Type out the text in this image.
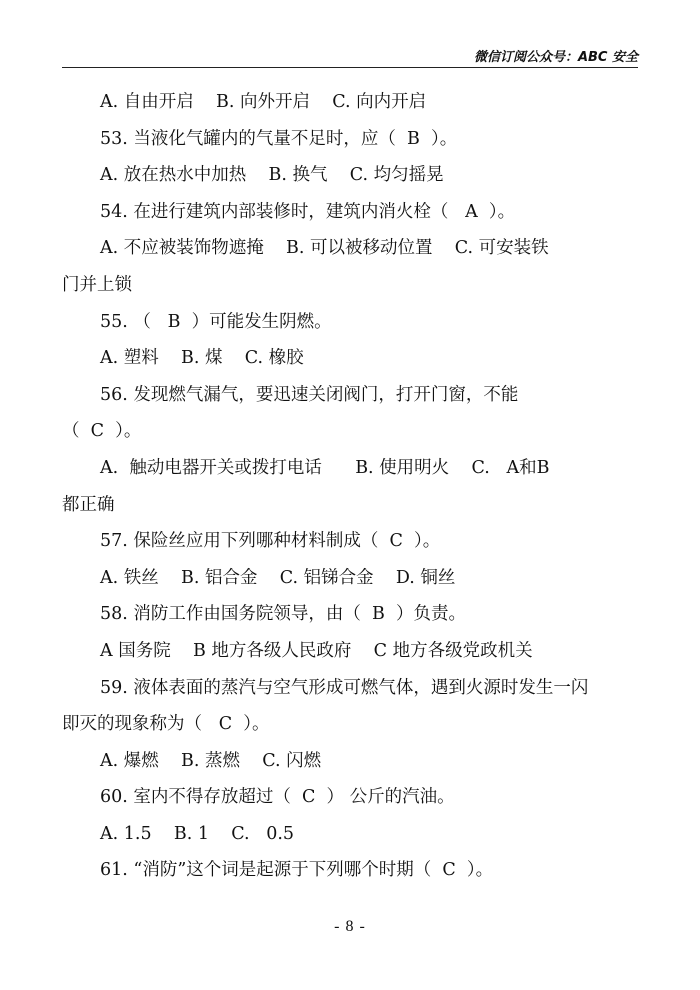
微信订阅公众号：ABC 安全
A. 自由开启    B. 向外开启    C. 向内开启
53. 当液化气罐内的气量不足时，应（  B  ）。
A. 放在热水中加热    B. 换气    C. 均匀摇晃
54. 在进行建筑内部装修时，建筑内消火栓（   A  ）。
A. 不应被装饰物遮掩    B. 可以被移动位置    C. 可安装铁
门并上锁
55. （   B  ）可能发生阴燃。
A. 塑料    B. 煤    C. 橡胶
56. 发现燃气漏气，要迅速关闭阀门，打开门窗，不能
（  C  ）。
A.  触动电器开关或拨打电话      B. 使用明火    C.   A和B
都正确
57. 保险丝应用下列哪种材料制成（  C  ）。
A. 铁丝    B. 铝合金    C. 铝锑合金    D. 铜丝
58. 消防工作由国务院领导，由（  B  ）负责。
A 国务院    B 地方各级人民政府    C 地方各级党政机关
59. 液体表面的蒸汽与空气形成可燃气体，遇到火源时发生一闪
即灭的现象称为（   C  ）。
A. 爆燃    B. 蒸燃    C. 闪燃
60. 室内不得存放超过（  C  ） 公斤的汽油。
A. 1.5    B. 1    C.   0.5
61. “消防”这个词是起源于下列哪个时期（  C  ）。
- 8 -
